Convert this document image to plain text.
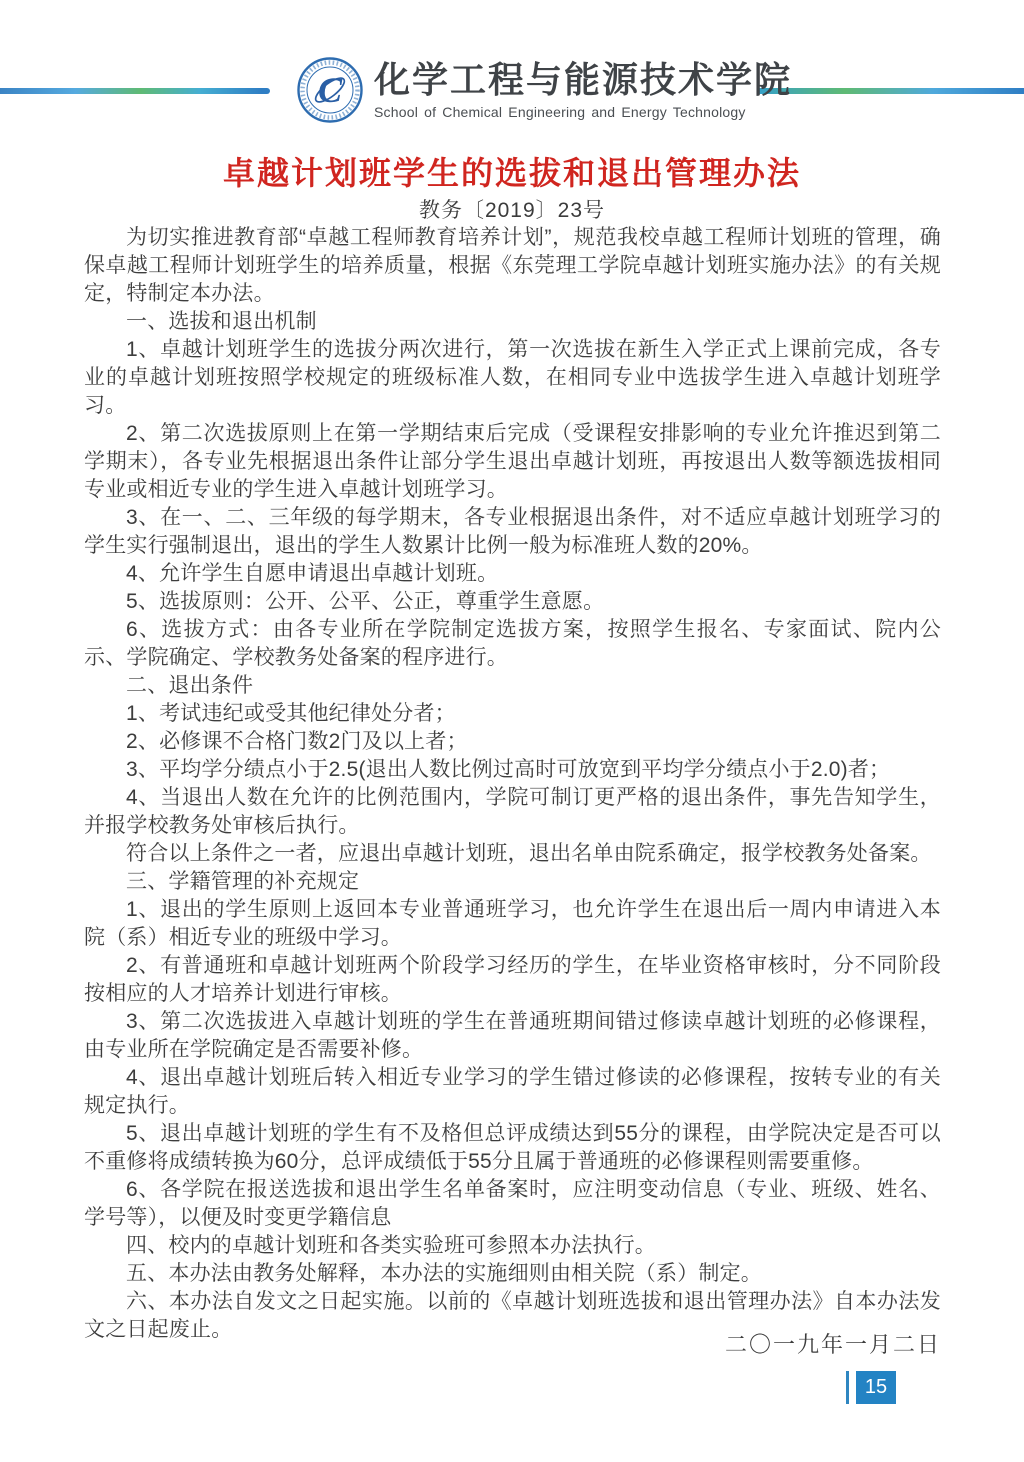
C 化学工程与能源技术学院
School of Chemical Engineering and Energy Technology
卓越计划班学生的选拔和退出管理办法
教务〔2019〕23号

为切实推进教育部“卓越工程师教育培养计划”，规范我校卓越工程师计划班的管理，确保卓越工程师计划班学生的培养质量，根据《东莞理工学院卓越计划班实施办法》的有关规定，特制定本办法。

一、选拔和退出机制

1、卓越计划班学生的选拔分两次进行，第一次选拔在新生入学正式上课前完成，各专业的卓越计划班按照学校规定的班级标准人数，在相同专业中选拔学生进入卓越计划班学习。

2、第二次选拔原则上在第一学期结束后完成（受课程安排影响的专业允许推迟到第二学期末），各专业先根据退出条件让部分学生退出卓越计划班，再按退出人数等额选拔相同专业或相近专业的学生进入卓越计划班学习。

3、在一、二、三年级的每学期末，各专业根据退出条件，对不适应卓越计划班学习的学生实行强制退出，退出的学生人数累计比例一般为标准班人数的20%。

4、允许学生自愿申请退出卓越计划班。

5、选拔原则：公开、公平、公正，尊重学生意愿。

6、选拔方式：由各专业所在学院制定选拔方案，按照学生报名、专家面试、院内公示、学院确定、学校教务处备案的程序进行。

二、退出条件

1、考试违纪或受其他纪律处分者；

2、必修课不合格门数2门及以上者；

3、平均学分绩点小于2.5(退出人数比例过高时可放宽到平均学分绩点小于2.0)者；

4、当退出人数在允许的比例范围内，学院可制订更严格的退出条件，事先告知学生，并报学校教务处审核后执行。

符合以上条件之一者，应退出卓越计划班，退出名单由院系确定，报学校教务处备案。

三、学籍管理的补充规定

1、退出的学生原则上返回本专业普通班学习，也允许学生在退出后一周内申请进入本院（系）相近专业的班级中学习。

2、有普通班和卓越计划班两个阶段学习经历的学生，在毕业资格审核时，分不同阶段按相应的人才培养计划进行审核。

3、第二次选拔进入卓越计划班的学生在普通班期间错过修读卓越计划班的必修课程，由专业所在学院确定是否需要补修。

4、退出卓越计划班后转入相近专业学习的学生错过修读的必修课程，按转专业的有关规定执行。

5、退出卓越计划班的学生有不及格但总评成绩达到55分的课程，由学院决定是否可以不重修将成绩转换为60分，总评成绩低于55分且属于普通班的必修课程则需要重修。

6、各学院在报送选拔和退出学生名单备案时，应注明变动信息（专业、班级、姓名、学号等），以便及时变更学籍信息

四、校内的卓越计划班和各类实验班可参照本办法执行。

五、本办法由教务处解释，本办法的实施细则由相关院（系）制定。

六、本办法自发文之日起实施。以前的《卓越计划班选拔和退出管理办法》自本办法发文之日起废止。

二〇一九年一月二日
15
